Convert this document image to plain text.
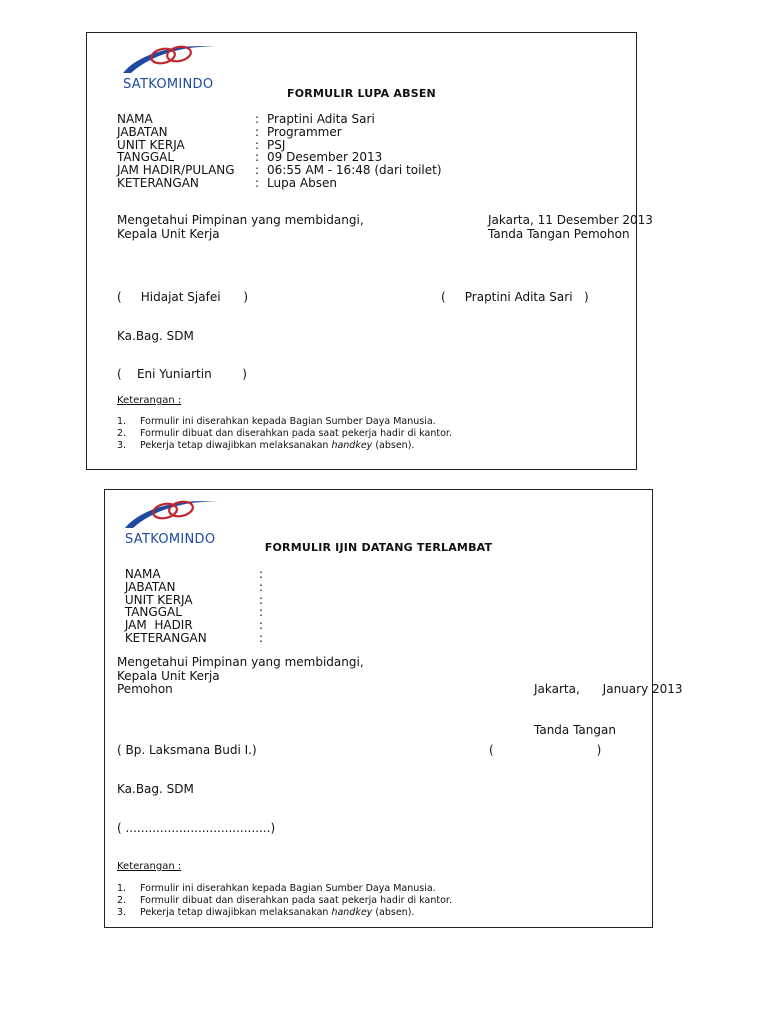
SATKOMINDO
FORMULIR LUPA ABSEN
NAMA	: Praptini Adita Sari
JABATAN	: Programmer
UNIT KERJA	: PSJ
TANGGAL	: 09 Desember 2013
JAM HADIR/PULANG	: 06:55 AM - 16:48 (dari toilet)
KETERANGAN	: Lupa Absen
Mengetahui Pimpinan yang membidangi,
Kepala Unit Kerja
Jakarta, 11 Desember 2013
Tanda Tangan Pemohon
(     Hidajat Sjafei      )	(     Praptini Adita Sari   )
Ka.Bag. SDM
(    Eni Yuniartin        )
Keterangan :
1.	Formulir ini diserahkan kepada Bagian Sumber Daya Manusia.
2.	Formulir dibuat dan diserahkan pada saat pekerja hadir di kantor.
3.	Pekerja tetap diwajibkan melaksanakan handkey (absen).
SATKOMINDO
FORMULIR IJIN DATANG TERLAMBAT
NAMA	:
JABATAN	:
UNIT KERJA	:
TANGGAL	:
JAM  HADIR	:
KETERANGAN	:
Mengetahui Pimpinan yang membidangi,
Kepala Unit Kerja
Pemohon

	Jakarta,      January 2013

Tanda Tangan

( Bp. Laksmana Budi I.)	(                           )
Ka.Bag. SDM
( ......................................)
Keterangan :
1.	Formulir ini diserahkan kepada Bagian Sumber Daya Manusia.
2.	Formulir dibuat dan diserahkan pada saat pekerja hadir di kantor.
3.	Pekerja tetap diwajibkan melaksanakan handkey (absen).
